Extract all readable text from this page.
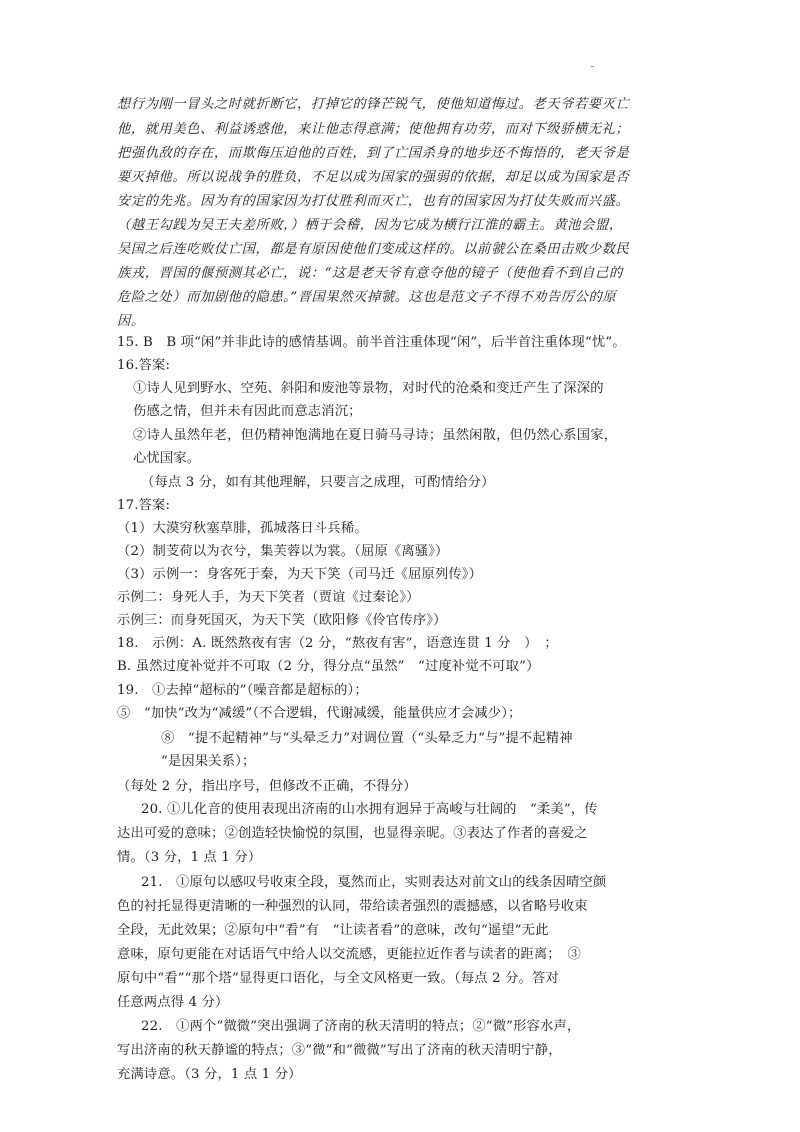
想行为刚一冒头之时就折断它，打掉它的锋芒锐气，使他知道悔过。老天爷若要灭亡

他，就用美色、利益诱惑他，来让他志得意满；使他拥有功劳，而对下级骄横无礼；

把强仇敌的存在，而欺侮压迫他的百姓，到了亡国杀身的地步还不悔悟的，老天爷是

要灭掉他。所以说战争的胜负，不足以成为国家的强弱的依据，却足以成为国家是否

安定的先兆。因为有的国家因为打仗胜利而灭亡，也有的国家因为打仗失败而兴盛。

（越王勾践为吴王夫差所败，）栖于会稽，因为它成为横行江淮的霸主。黄池会盟，

吴国之后连吃败仗亡国，都是有原因使他们变成这样的。以前虢公在桑田击败少数民

族戎，晋国的偃预测其必亡，说：“这是老天爷有意夺他的镜子（使他看不到自己的

危险之处）而加剧他的隐患。”晋国果然灭掉虢。这也是范文子不得不劝告厉公的原

因。

15. B　B 项“闲”并非此诗的感情基调。前半首注重体现“闲”，后半首注重体现“忧”。

16.答案:

①诗人见到野水、空苑、斜阳和废池等景物，对时代的沧桑和变迁产生了深深的

伤感之情，但并未有因此而意志消沉；

②诗人虽然年老，但仍精神饱满地在夏日骑马寻诗；虽然闲散，但仍然心系国家，

心忧国家。

（每点 3 分，如有其他理解，只要言之成理，可酌情给分）

17.答案:

（1）大漠穷秋塞草腓，孤城落日斗兵稀。

（2）制芰荷以为衣兮，集芙蓉以为裳。（屈原《离骚》）

（3）示例一：身客死于秦，为天下笑（司马迁《屈原列传》）

示例二：身死人手，为天下笑者（贾谊《过秦论》）

示例三：而身死国灭，为天下笑（欧阳修《伶官传序》）

18.　示例：A. 既然熬夜有害（2 分，“熬夜有害”，语意连贯 1 分　）　；

B. 虽然过度补觉并不可取（2 分，得分点“虽然”　“过度补觉不可取”）

19.　①去掉“超标的”（噪音都是超标的）；

⑤　“加快”改为“减缓”（不合逻辑，代谢减缓，能量供应才会减少）；

⑧　“提不起精神”与“头晕乏力”对调位置（“头晕乏力“与”提不起精神

“是因果关系）；

（每处 2 分，指出序号，但修改不正确，不得分）

20. ①儿化音的使用表现出济南的山水拥有迥异于高峻与壮阔的　“柔美”，传

达出可爱的意味；②创造轻快愉悦的氛围，也显得亲昵。③表达了作者的喜爱之

情。（3 分，1 点 1 分）

21.　①原句以感叹号收束全段，戛然而止，实则表达对前文山的线条因晴空颜

色的衬托显得更清晰的一种强烈的认同，带给读者强烈的震撼感，以省略号收束

全段，无此效果；②原句中“看”有　“让读者看”的意味，改句“遥望”无此

意味，原句更能在对话语气中给人以交流感，更能拉近作者与读者的距离；　③

原句中“看”“那个塔”显得更口语化，与全文风格更一致。（每点 2 分。答对

任意两点得 4 分）

22.　①两个“微微”突出强调了济南的秋天清明的特点；②“微”形容水声，

写出济南的秋天静谧的特点；③“微”和“微微”写出了济南的秋天清明宁静，

充满诗意。（3 分，1 点 1 分）
